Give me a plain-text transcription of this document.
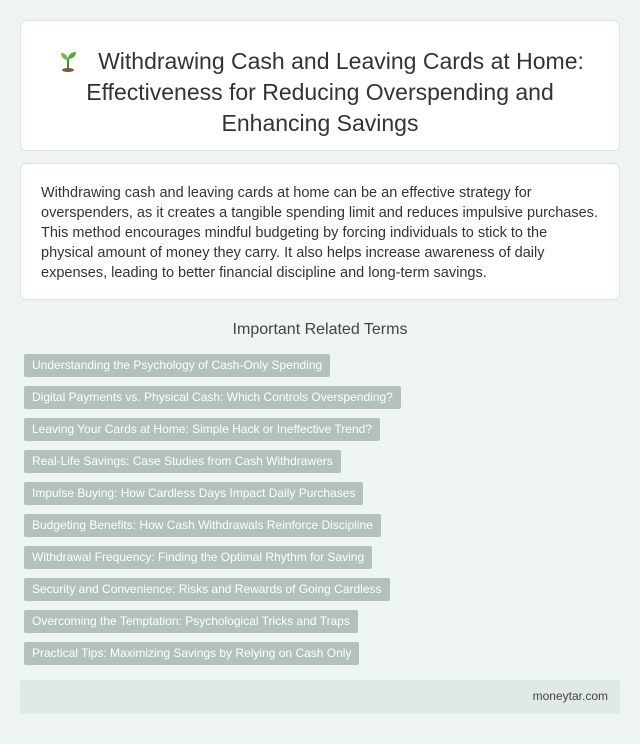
Withdrawing Cash and Leaving Cards at Home: Effectiveness for Reducing Overspending and Enhancing Savings

Withdrawing cash and leaving cards at home can be an effective strategy for overspenders, as it creates a tangible spending limit and reduces impulsive purchases. This method encourages mindful budgeting by forcing individuals to stick to the physical amount of money they carry. It also helps increase awareness of daily expenses, leading to better financial discipline and long-term savings.

Important Related Terms
Understanding the Psychology of Cash-Only Spending
Digital Payments vs. Physical Cash: Which Controls Overspending?
Leaving Your Cards at Home: Simple Hack or Ineffective Trend?
Real-Life Savings: Case Studies from Cash Withdrawers
Impulse Buying: How Cardless Days Impact Daily Purchases
Budgeting Benefits: How Cash Withdrawals Reinforce Discipline
Withdrawal Frequency: Finding the Optimal Rhythm for Saving
Security and Convenience: Risks and Rewards of Going Cardless
Overcoming the Temptation: Psychological Tricks and Traps
Practical Tips: Maximizing Savings by Relying on Cash Only
moneytar.com
